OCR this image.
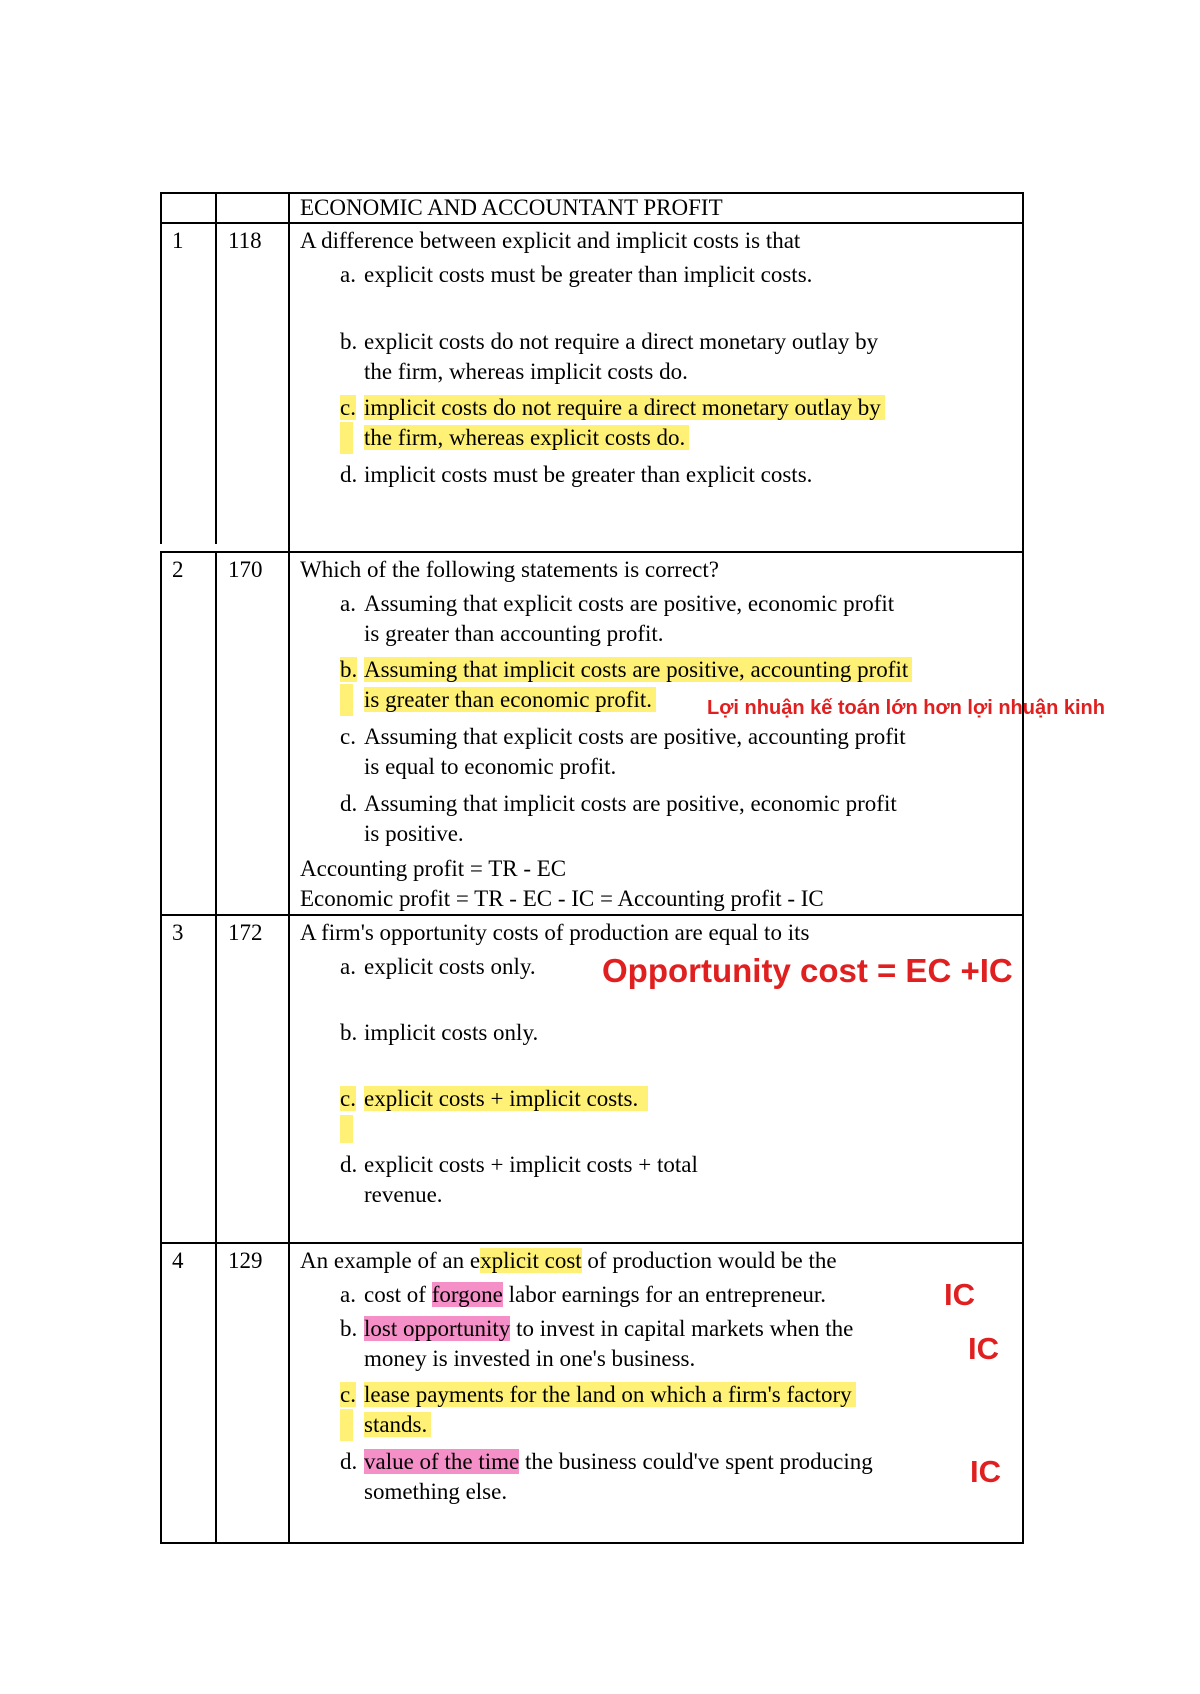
ECONOMIC AND ACCOUNTANT PROFIT
1 118 A difference between explicit and implicit costs is that
a. explicit costs must be greater than implicit costs.
b. explicit costs do not require a direct monetary outlay by
the firm, whereas implicit costs do.
c. implicit costs do not require a direct monetary outlay by
the firm, whereas explicit costs do.
d. implicit costs must be greater than explicit costs.
2 170 Which of the following statements is correct?
a. Assuming that explicit costs are positive, economic profit
is greater than accounting profit.
b. Assuming that implicit costs are positive, accounting profit
is greater than economic profit.
c. Assuming that explicit costs are positive, accounting profit
is equal to economic profit.
d. Assuming that implicit costs are positive, economic profit
is positive.
Accounting profit = TR - EC
Economic profit = TR - EC - IC = Accounting profit - IC
3 172 A firm's opportunity costs of production are equal to its
a. explicit costs only.
b. implicit costs only.
c. explicit costs + implicit costs.
d. explicit costs + implicit costs + total
revenue.
4 129 An example of an explicit cost of production would be the
a. cost of forgone labor earnings for an entrepreneur.
b. lost opportunity to invest in capital markets when the
money is invested in one's business.
c. lease payments for the land on which a firm's factory
stands.
d. value of the time the business could've spent producing
something else.
Lợi nhuận kế toán lớn hơn lợi nhuận kinh
Opportunity cost = EC +IC
IC
IC
IC
